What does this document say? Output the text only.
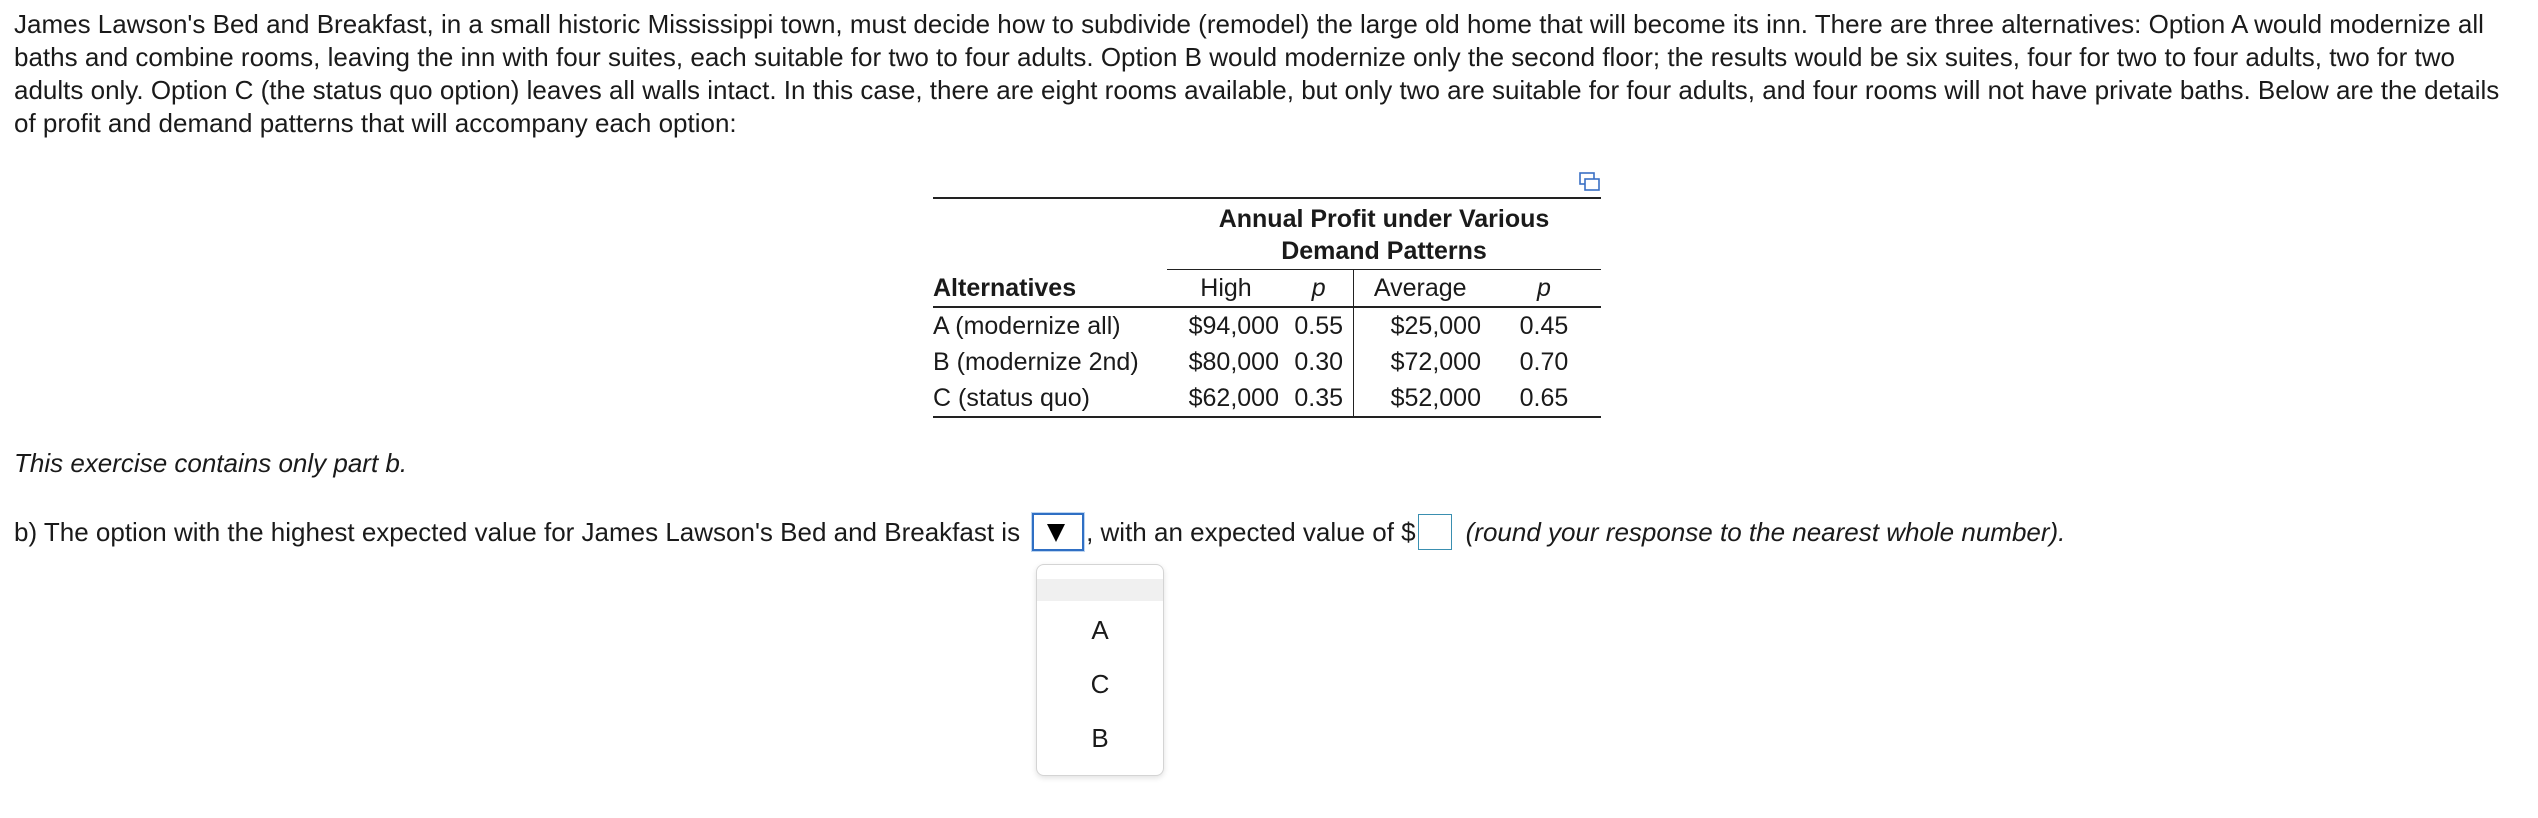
James Lawson's Bed and Breakfast, in a small historic Mississippi town, must decide how to subdivide (remodel) the large old home that will become its inn. There are three alternatives: Option A would modernize all baths and combine rooms, leaving the inn with four suites, each suitable for two to four adults. Option B would modernize only the second floor; the results would be six suites, four for two to four adults, two for two adults only. Option C (the status quo option) leaves all walls intact. In this case, there are eight rooms available, but only two are suitable for four adults, and four rooms will not have private baths. Below are the details of profit and demand patterns that will accompany each option:

	Annual Profit under Various
Demand Patterns			
Alternatives	High	p	Average	p
A (modernize all)	$94,000	0.55	$25,000	0.45
B (modernize 2nd)	$80,000	0.30	$72,000	0.70
C (status quo)	$62,000	0.35	$52,000	0.65

This exercise contains only part b.

b) The option with the highest expected value for James Lawson's Bed and Breakfast is	, with an expected value of $ (round your response to the nearest whole number).
A
C
B
